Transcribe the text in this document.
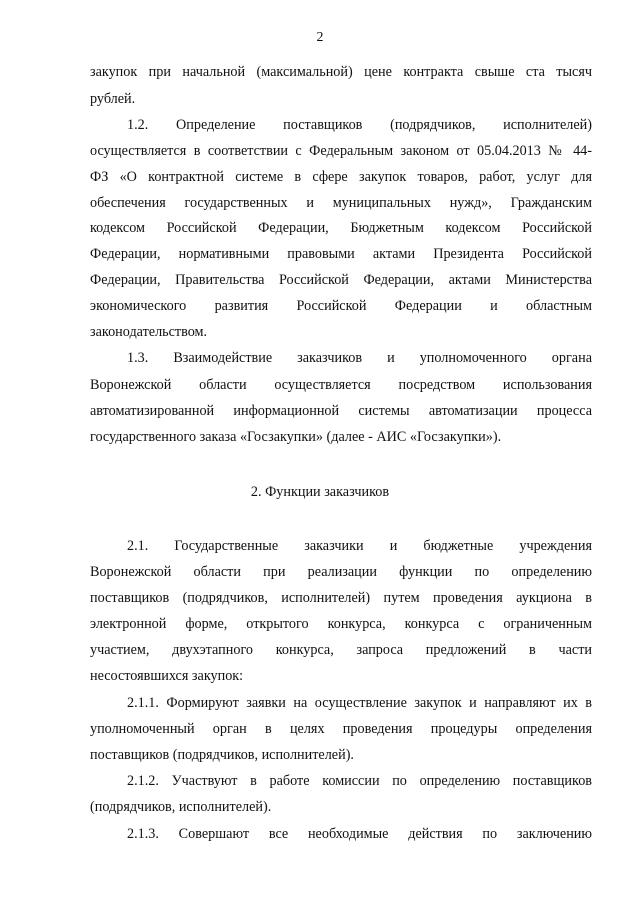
2
закупок при начальной (максимальной) цене контракта свыше ста тысяч
рублей.
1.2. Определение поставщиков (подрядчиков, исполнителей)
осуществляется в соответствии с Федеральным законом от 05.04.2013 № 44-
ФЗ «О контрактной системе в сфере закупок товаров, работ, услуг для
обеспечения государственных и муниципальных нужд», Гражданским
кодексом Российской Федерации, Бюджетным кодексом Российской
Федерации, нормативными правовыми актами Президента Российской
Федерации, Правительства Российской Федерации, актами Министерства
экономического развития Российской Федерации и областным
законодательством.
1.3. Взаимодействие заказчиков и уполномоченного органа
Воронежской области осуществляется посредством использования
автоматизированной информационной системы автоматизации процесса
государственного заказа «Госзакупки» (далее - АИС «Госзакупки»).
2. Функции заказчиков
2.1. Государственные заказчики и бюджетные учреждения
Воронежской области при реализации функции по определению
поставщиков (подрядчиков, исполнителей) путем проведения аукциона в
электронной форме, открытого конкурса, конкурса с ограниченным
участием, двухэтапного конкурса, запроса предложений в части
несостоявшихся закупок:
2.1.1. Формируют заявки на осуществление закупок и направляют их в
уполномоченный орган в целях проведения процедуры определения
поставщиков (подрядчиков, исполнителей).
2.1.2. Участвуют в работе комиссии по определению поставщиков
(подрядчиков, исполнителей).
2.1.3. Совершают все необходимые действия по заключению
